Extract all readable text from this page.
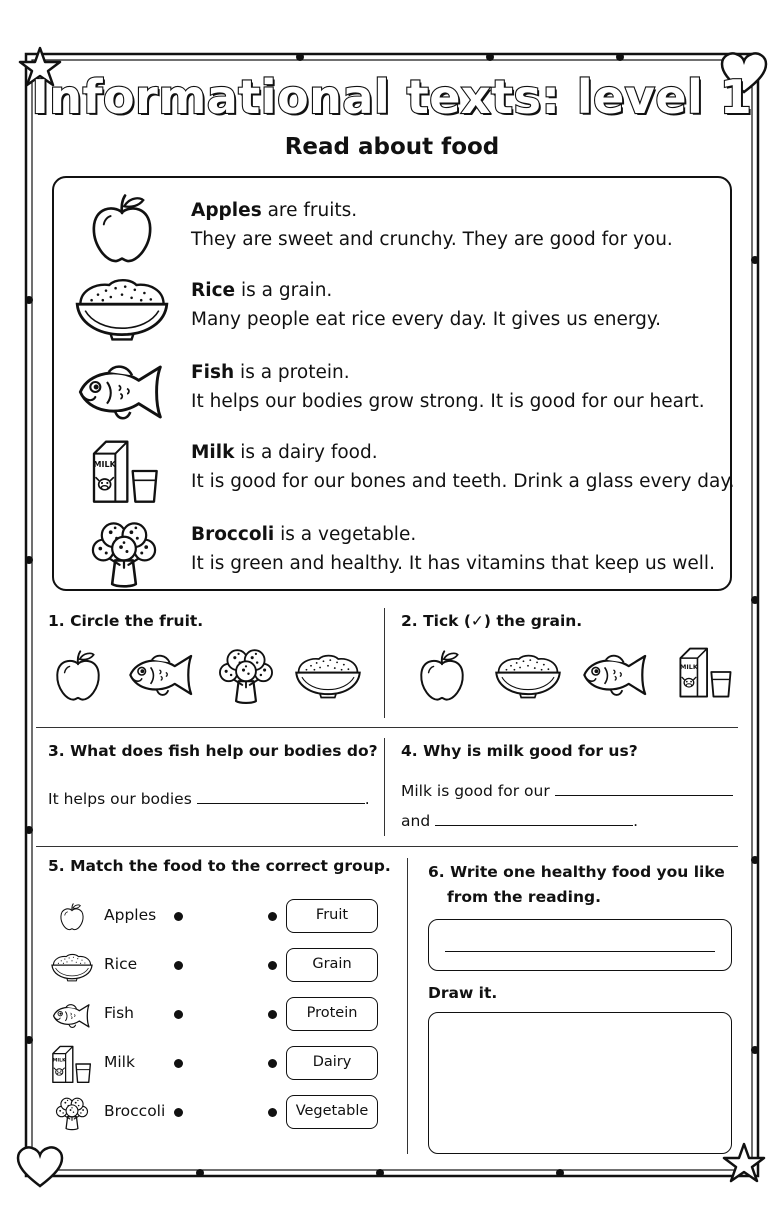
Informational texts: level 1
Read about food
Apples are fruits.
They are sweet and crunchy. They are good for you.
Rice is a grain.
Many people eat rice every day. It gives us energy.
Fish is a protein.
It helps our bodies grow strong. It is good for our heart.
Milk is a dairy food.
It is good for our bones and teeth. Drink a glass every day.
Broccoli is a vegetable.
It is green and healthy. It has vitamins that keep us well.
1. Circle the fruit.	2. Tick (✓) the grain.
3. What does fish help our bodies do? 4. Why is milk good for us?
It helps our bodies	. Milk is good for our
and	.
5. Match the food to the correct group.
Apples	Fruit
Rice	Grain
Fish	Protein
Milk	Dairy
Broccoli	Vegetable
6. Write one healthy food you like
from the reading.
Draw it.
